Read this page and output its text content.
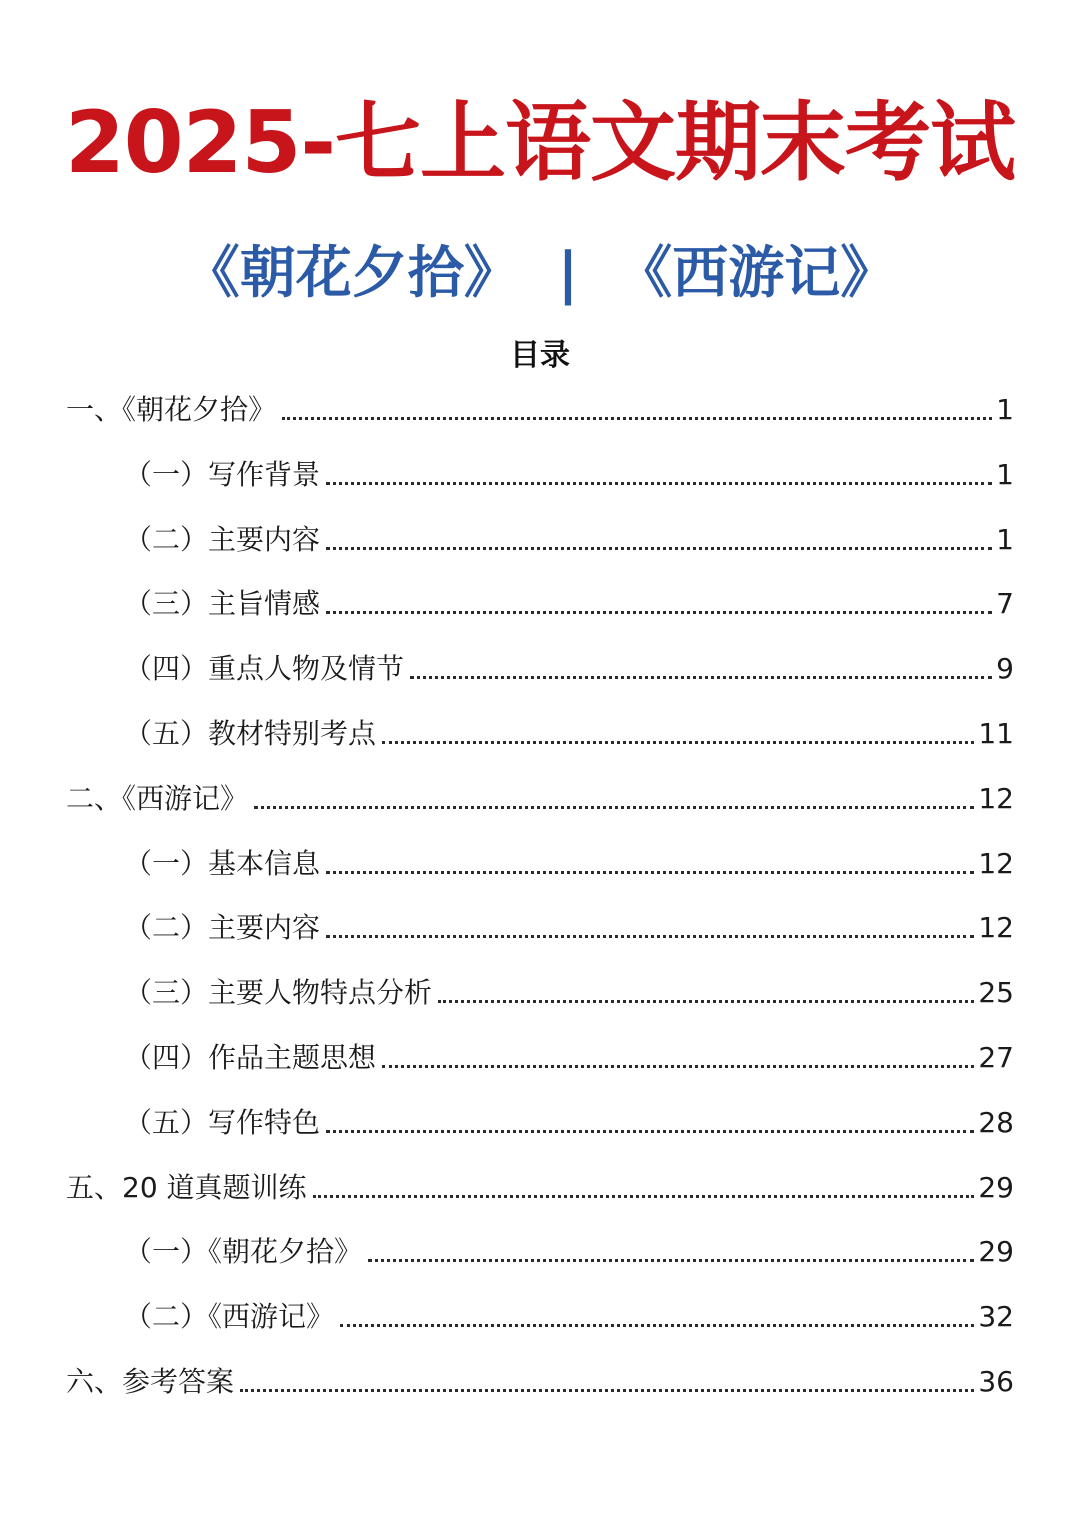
2025-七上语文期末考试
《朝花夕拾》 | 《西游记》
目录
一、《朝花夕拾》	1
（一）写作背景	1
（二）主要内容	1
（三）主旨情感	7
（四）重点人物及情节	9
（五）教材特别考点	11
二、《西游记》	12
（一）基本信息	12
（二）主要内容	12
（三）主要人物特点分析	25
（四）作品主题思想	27
（五）写作特色	28
五、20 道真题训练	29
（一）《朝花夕拾》	29
（二）《西游记》	32
六、参考答案	36
